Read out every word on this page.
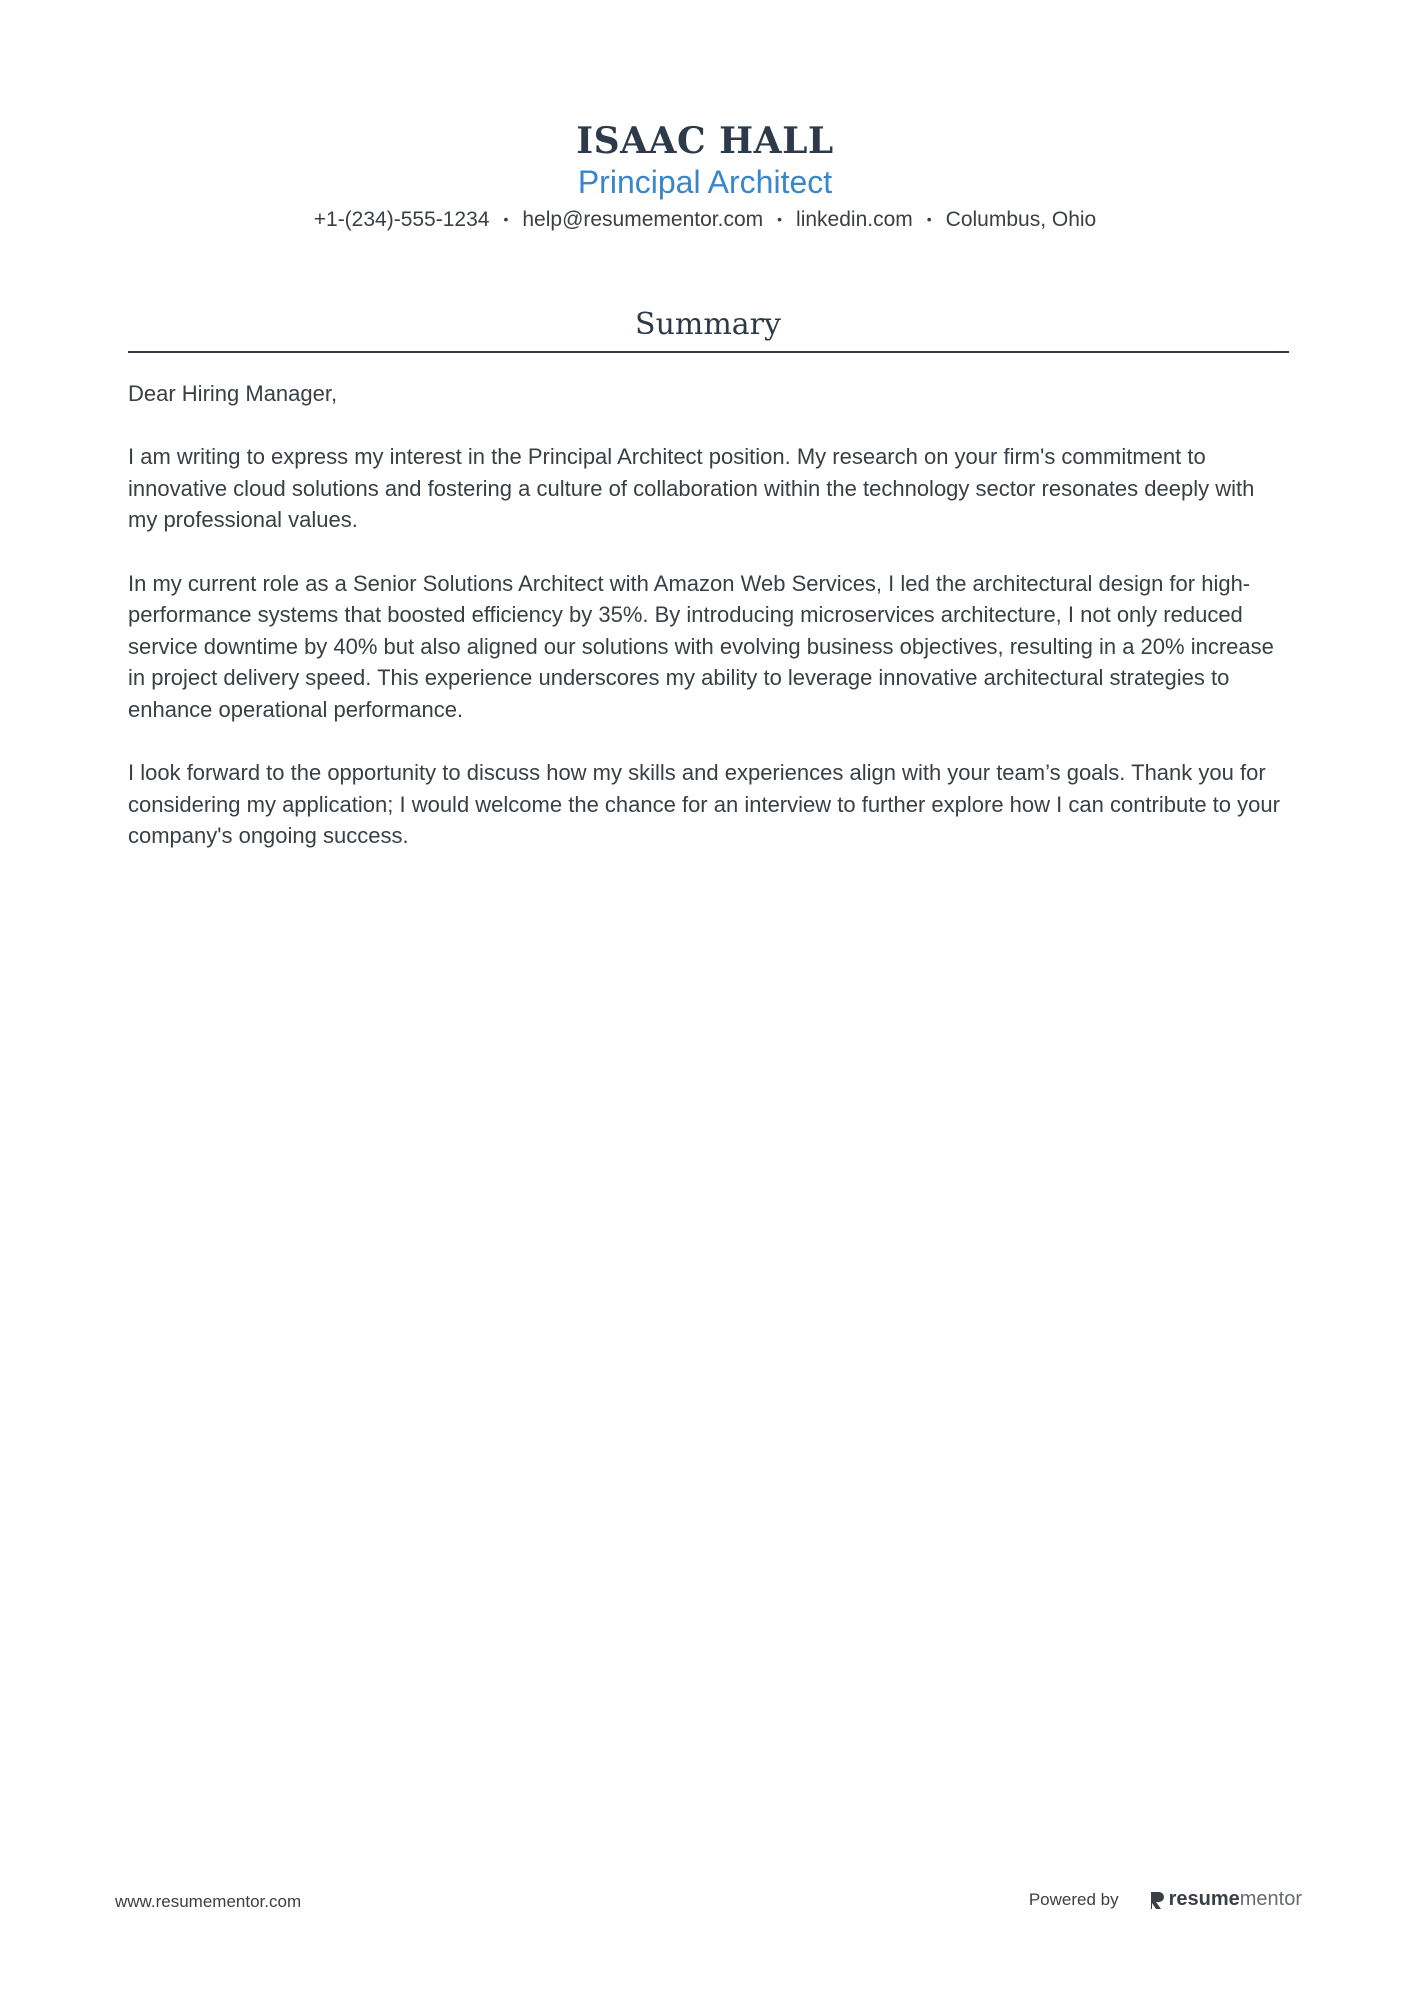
ISAAC HALL
Principal Architect
+1-(234)-555-1234 • help@resumementor.com • linkedin.com • Columbus, Ohio
Summary

Dear Hiring Manager,

I am writing to express my interest in the Principal Architect position. My research on your firm's commitment to innovative cloud solutions and fostering a culture of collaboration within the technology sector resonates deeply with my professional values.

In my current role as a Senior Solutions Architect with Amazon Web Services, I led the architectural design for high-performance systems that boosted efficiency by 35%. By introducing microservices architecture, I not only reduced service downtime by 40% but also aligned our solutions with evolving business objectives, resulting in a 20% increase in project delivery speed. This experience underscores my ability to leverage innovative architectural strategies to enhance operational performance.

I look forward to the opportunity to discuss how my skills and experiences align with your team’s goals. Thank you for considering my application; I would welcome the chance for an interview to further explore how I can contribute to your company's ongoing success.

www.resumementor.com	Powered by	resume mentor
